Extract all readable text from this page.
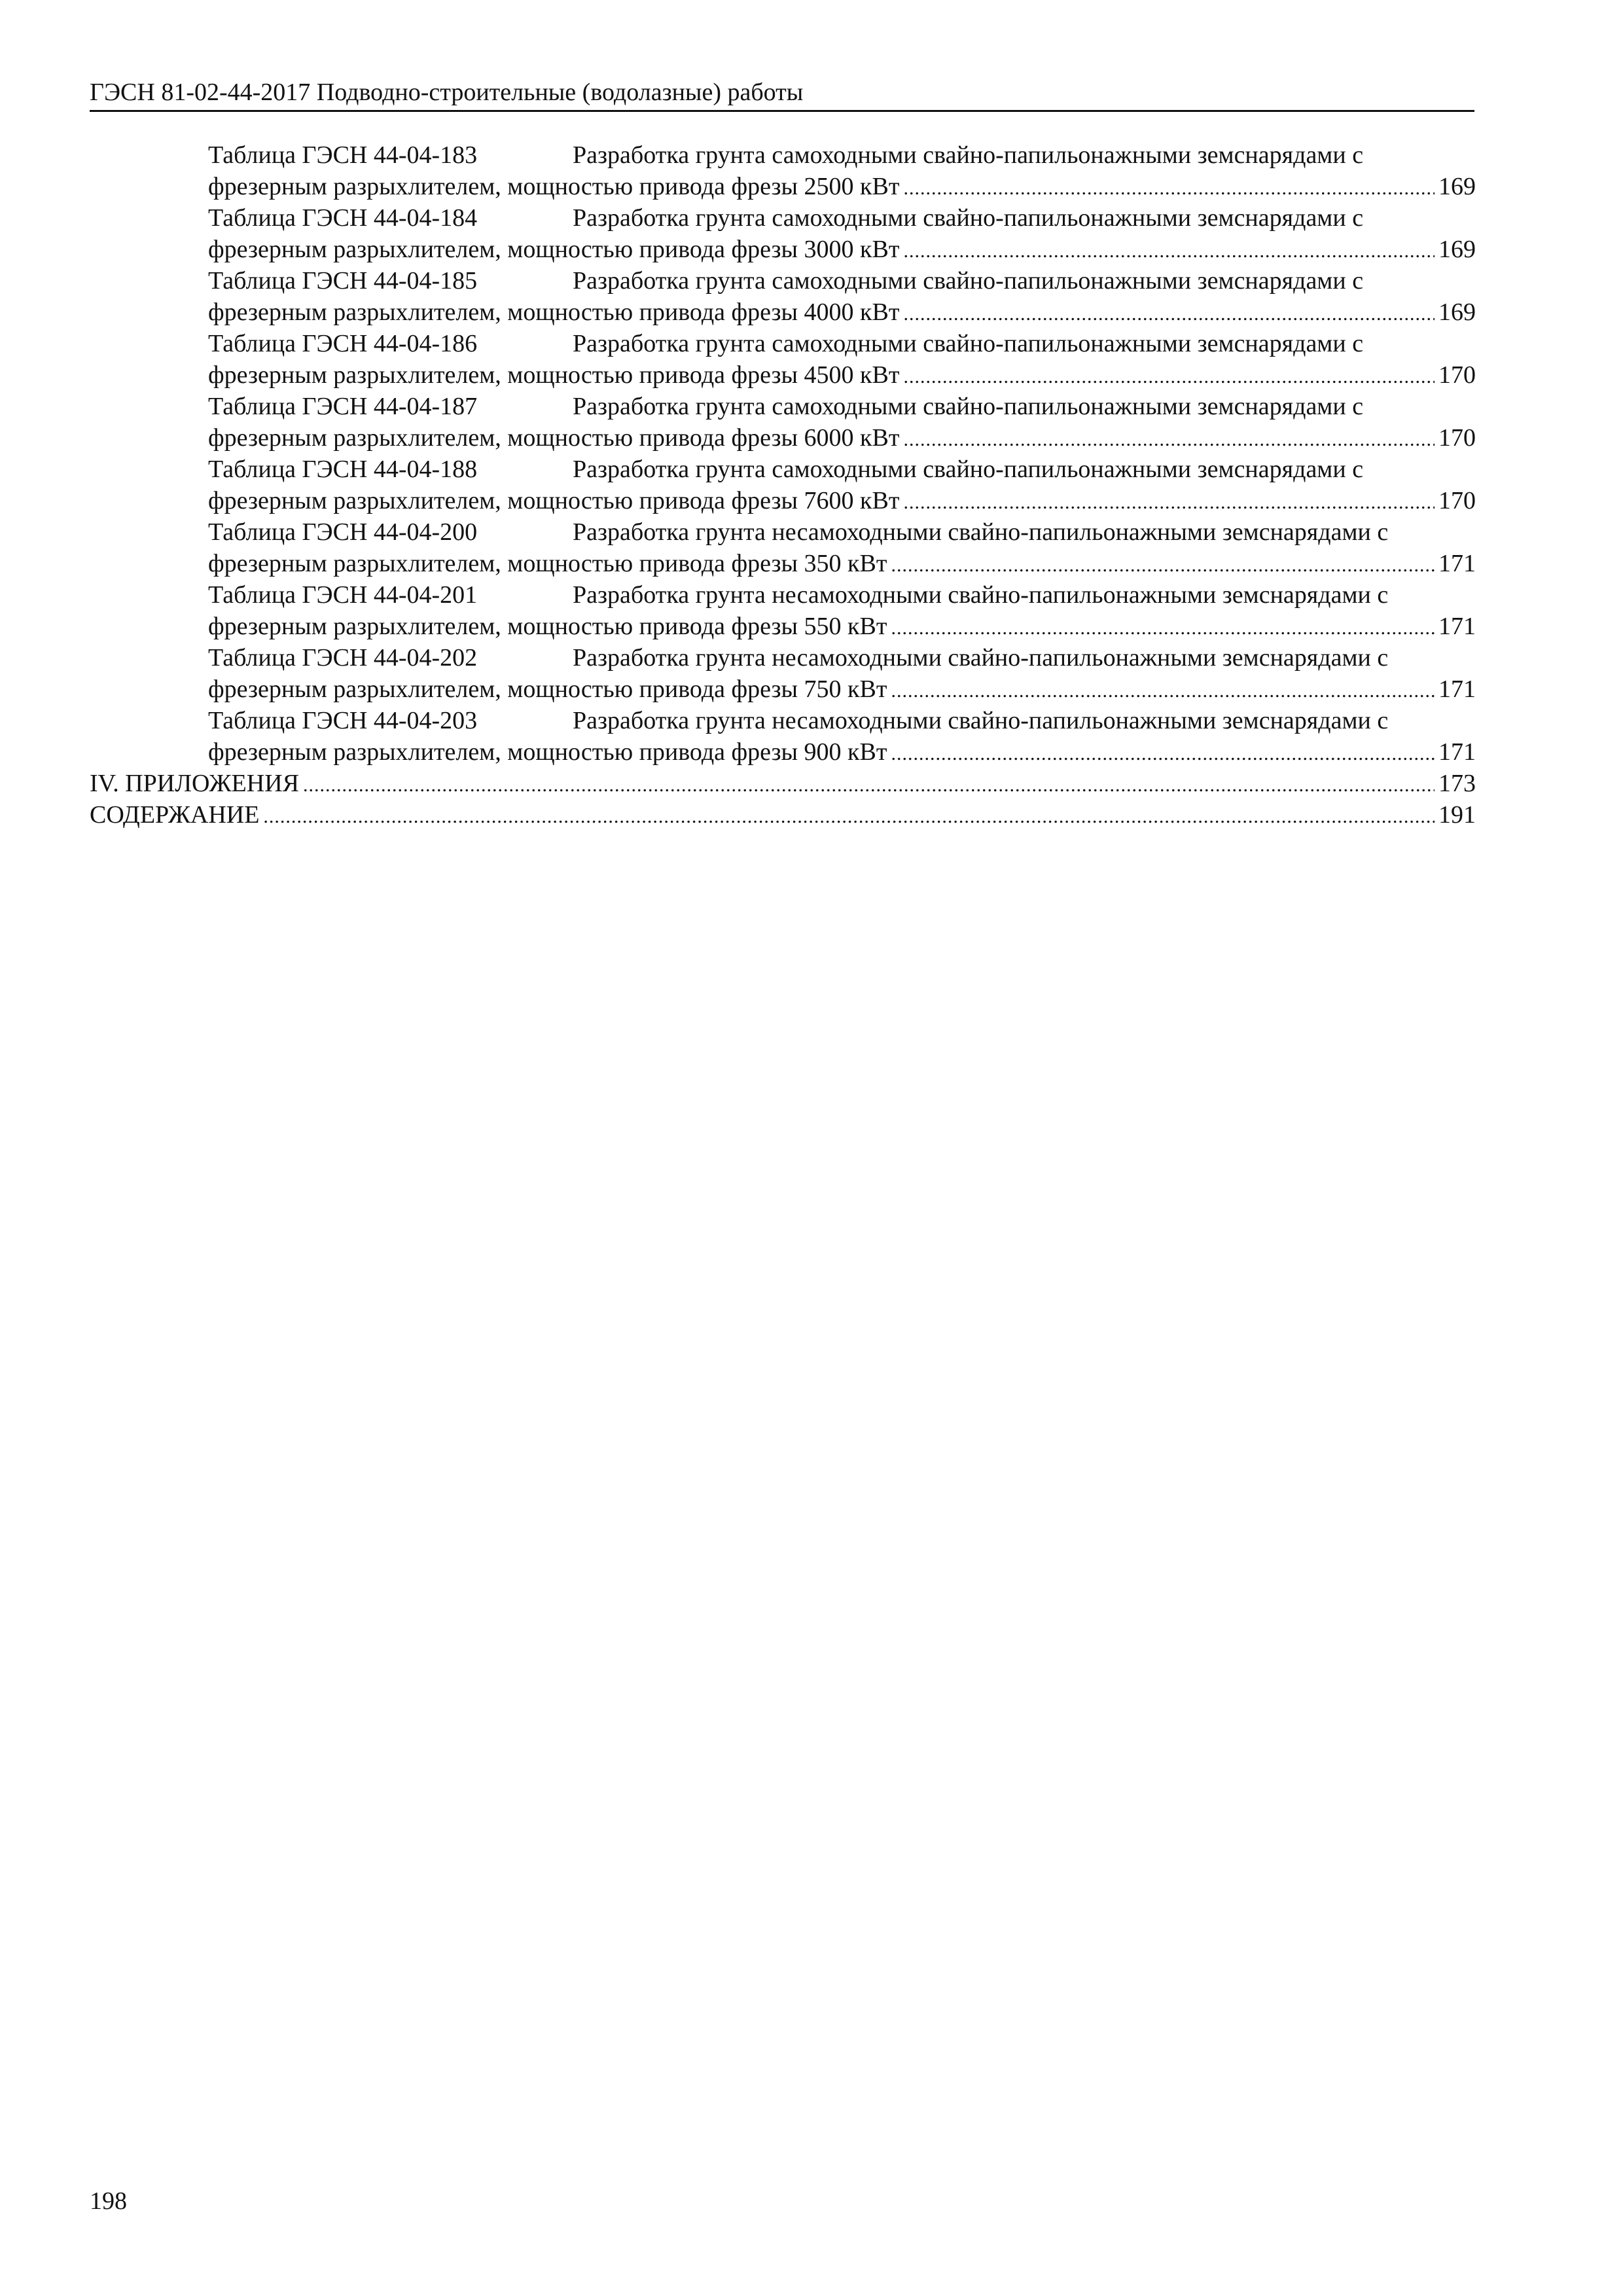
ГЭСН 81-02-44-2017 Подводно-строительные (водолазные) работы
Таблица ГЭСН 44-04-183	Разработка грунта самоходными свайно-папильонажными земснарядами с
фрезерным разрыхлителем, мощностью привода фрезы 2500 кВт .....	169
Таблица ГЭСН 44-04-184	Разработка грунта самоходными свайно-папильонажными земснарядами с
фрезерным разрыхлителем, мощностью привода фрезы 3000 кВт .....	169
Таблица ГЭСН 44-04-185	Разработка грунта самоходными свайно-папильонажными земснарядами с
фрезерным разрыхлителем, мощностью привода фрезы 4000 кВт .....	169
Таблица ГЭСН 44-04-186	Разработка грунта самоходными свайно-папильонажными земснарядами с
фрезерным разрыхлителем, мощностью привода фрезы 4500 кВт .....	170
Таблица ГЭСН 44-04-187	Разработка грунта самоходными свайно-папильонажными земснарядами с
фрезерным разрыхлителем, мощностью привода фрезы 6000 кВт .....	170
Таблица ГЭСН 44-04-188	Разработка грунта самоходными свайно-папильонажными земснарядами с
фрезерным разрыхлителем, мощностью привода фрезы 7600 кВт .....	170
Таблица ГЭСН 44-04-200	Разработка грунта несамоходными свайно-папильонажными земснарядами с
фрезерным разрыхлителем, мощностью привода фрезы 350 кВт .....	171
Таблица ГЭСН 44-04-201	Разработка грунта несамоходными свайно-папильонажными земснарядами с
фрезерным разрыхлителем, мощностью привода фрезы 550 кВт .....	171
Таблица ГЭСН 44-04-202	Разработка грунта несамоходными свайно-папильонажными земснарядами с
фрезерным разрыхлителем, мощностью привода фрезы 750 кВт .....	171
Таблица ГЭСН 44-04-203	Разработка грунта несамоходными свайно-папильонажными земснарядами с
фрезерным разрыхлителем, мощностью привода фрезы 900 кВт .....	171
IV. ПРИЛОЖЕНИЯ .....	173
СОДЕРЖАНИЕ .....	191
198
